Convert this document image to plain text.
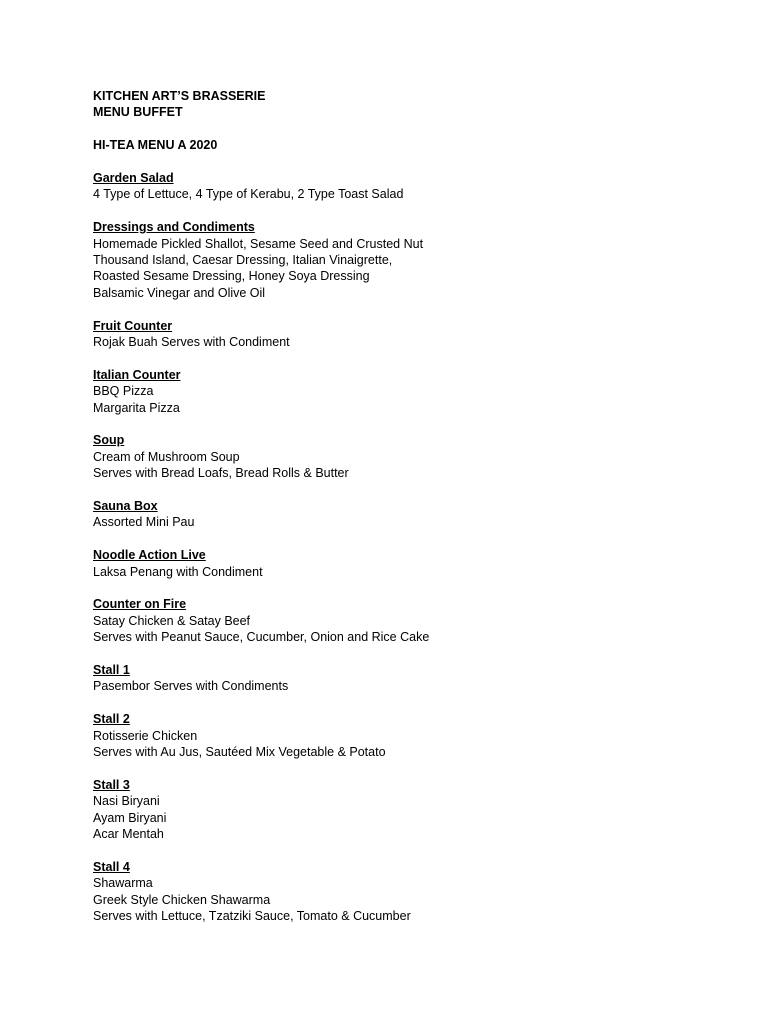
KITCHEN ART’S BRASSERIE
MENU BUFFET
HI-TEA MENU A 2020
Garden Salad
4 Type of Lettuce, 4 Type of Kerabu, 2 Type Toast Salad
Dressings and Condiments
Homemade Pickled Shallot, Sesame Seed and Crusted Nut
Thousand Island, Caesar Dressing, Italian Vinaigrette,
Roasted Sesame Dressing, Honey Soya Dressing
Balsamic Vinegar and Olive Oil
Fruit Counter
Rojak Buah Serves with Condiment
Italian Counter
BBQ Pizza
Margarita Pizza
Soup
Cream of Mushroom Soup
Serves with Bread Loafs, Bread Rolls & Butter
Sauna Box
Assorted Mini Pau
Noodle Action Live
Laksa Penang with Condiment
Counter on Fire
Satay Chicken & Satay Beef
Serves with Peanut Sauce, Cucumber, Onion and Rice Cake
Stall 1
Pasembor Serves with Condiments
Stall 2
Rotisserie Chicken
Serves with Au Jus, Sautéed Mix Vegetable & Potato
Stall 3
Nasi Biryani
Ayam Biryani
Acar Mentah
Stall 4
Shawarma
Greek Style Chicken Shawarma
Serves with Lettuce, Tzatziki Sauce, Tomato & Cucumber
